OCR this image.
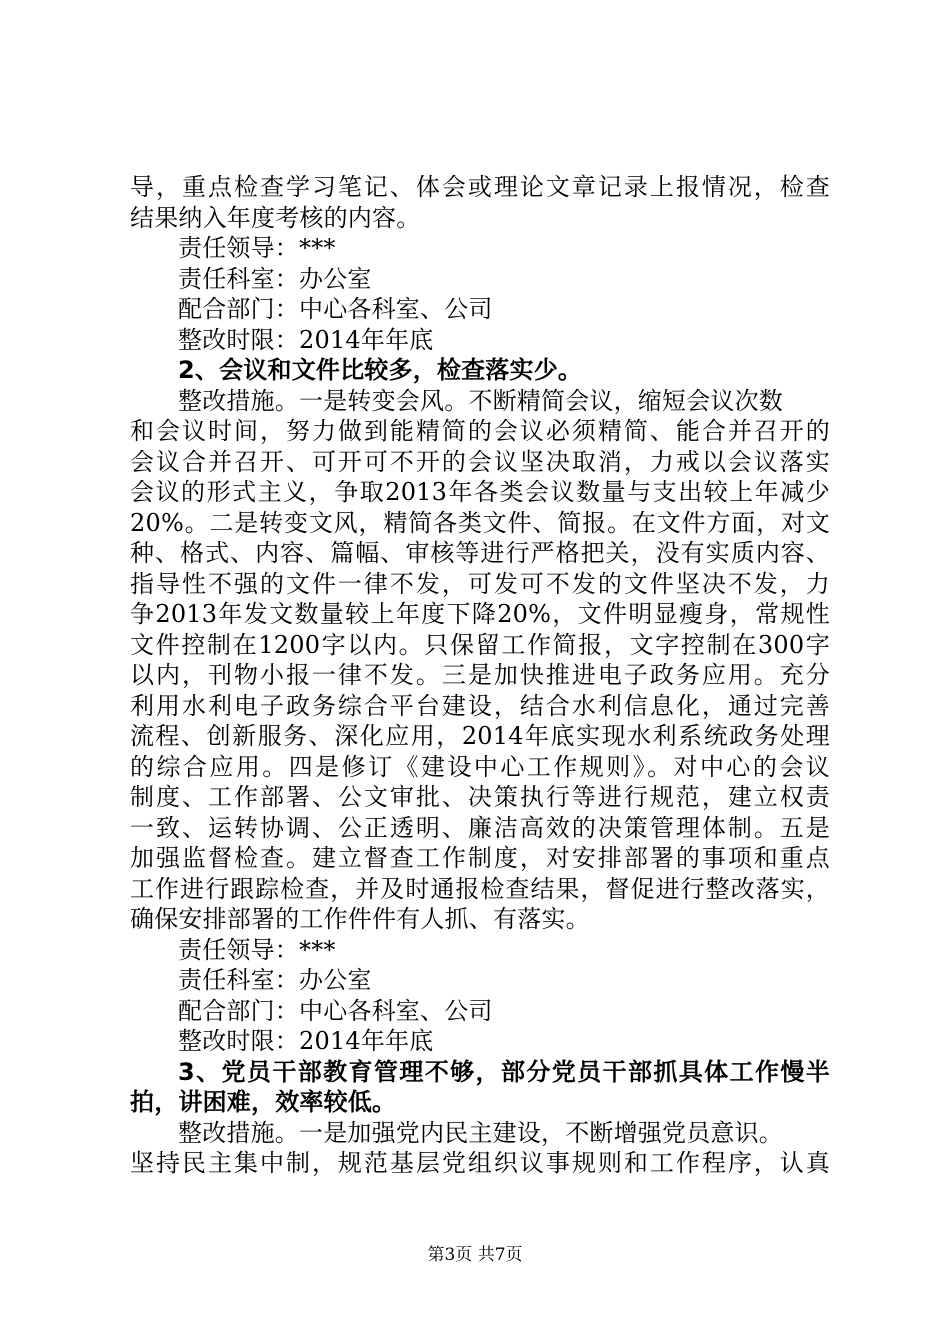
导，重点检查学习笔记、体会或理论文章记录上报情况，检查
结果纳入年度考核的内容。
责任领导：***
责任科室：办公室
配合部门：中心各科室、公司
整改时限：2014年年底
2、会议和文件比较多，检查落实少。
整改措施。一是转变会风。不断精简会议，缩短会议次数
和会议时间，努力做到能精简的会议必须精简、能合并召开的
会议合并召开、可开可不开的会议坚决取消，力戒以会议落实
会议的形式主义，争取2013年各类会议数量与支出较上年减少
20%。二是转变文风，精简各类文件、简报。在文件方面，对文
种、格式、内容、篇幅、审核等进行严格把关，没有实质内容、
指导性不强的文件一律不发，可发可不发的文件坚决不发，力
争2013年发文数量较上年度下降20%，文件明显瘦身，常规性
文件控制在1200字以内。只保留工作简报，文字控制在300字
以内，刊物小报一律不发。三是加快推进电子政务应用。充分
利用水利电子政务综合平台建设，结合水利信息化，通过完善
流程、创新服务、深化应用，2014年底实现水利系统政务处理
的综合应用。四是修订《建设中心工作规则》。对中心的会议
制度、工作部署、公文审批、决策执行等进行规范，建立权责
一致、运转协调、公正透明、廉洁高效的决策管理体制。五是
加强监督检查。建立督查工作制度，对安排部署的事项和重点
工作进行跟踪检查，并及时通报检查结果，督促进行整改落实，
确保安排部署的工作件件有人抓、有落实。
责任领导：***
责任科室：办公室
配合部门：中心各科室、公司
整改时限：2014年年底
3、党员干部教育管理不够，部分党员干部抓具体工作慢半
拍，讲困难，效率较低。
整改措施。一是加强党内民主建设，不断增强党员意识。
坚持民主集中制，规范基层党组织议事规则和工作程序，认真
第3页 共7页
